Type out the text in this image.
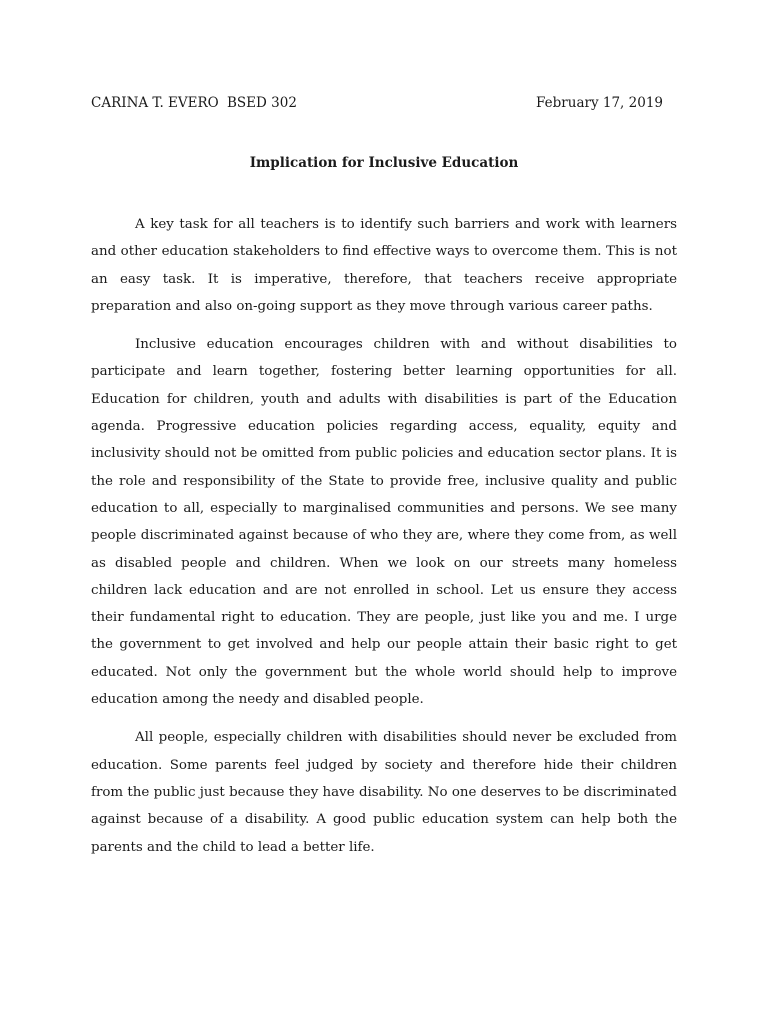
CARINA T. EVERO BSED 302	February 17, 2019
Implication for Inclusive Education

A key task for all teachers is to identify such barriers and work with learners and other education stakeholders to find effective ways to overcome them. This is not an easy task. It is imperative, therefore, that teachers receive appropriate preparation and also on-going support as they move through various career paths.

Inclusive education encourages children with and without disabilities to participate and learn together, fostering better learning opportunities for all. Education for children, youth and adults with disabilities is part of the Education agenda. Progressive education policies regarding access, equality, equity and inclusivity should not be omitted from public policies and education sector plans. It is the role and responsibility of the State to provide free, inclusive quality and public education to all, especially to marginalised communities and persons. We see many people discriminated against because of who they are, where they come from, as well as disabled people and children. When we look on our streets many homeless children lack education and are not enrolled in school. Let us ensure they access their fundamental right to education. They are people, just like you and me. I urge the government to get involved and help our people attain their basic right to get educated. Not only the government but the whole world should help to improve education among the needy and disabled people.

All people, especially children with disabilities should never be excluded from education. Some parents feel judged by society and therefore hide their children from the public just because they have disability. No one deserves to be discriminated against because of a disability. A good public education system can help both the parents and the child to lead a better life.
